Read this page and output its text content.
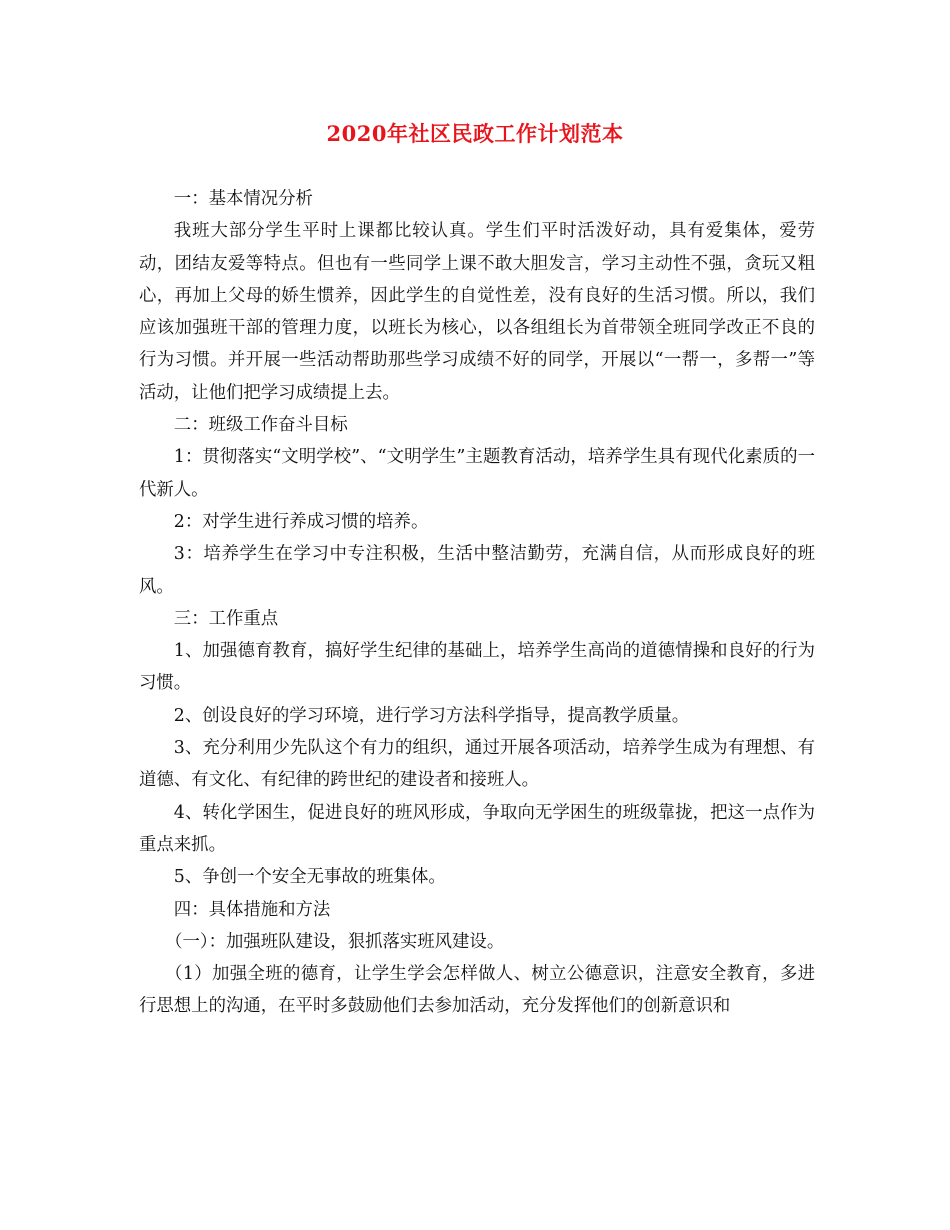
2020年社区民政工作计划范本

一：基本情况分析

我班大部分学生平时上课都比较认真。学生们平时活泼好动，具有爱集体，爱劳动，团结友爱等特点。但也有一些同学上课不敢大胆发言，学习主动性不强，贪玩又粗心，再加上父母的娇生惯养，因此学生的自觉性差，没有良好的生活习惯。所以，我们应该加强班干部的管理力度，以班长为核心，以各组组长为首带领全班同学改正不良的行为习惯。并开展一些活动帮助那些学习成绩不好的同学，开展以“一帮一，多帮一”等活动，让他们把学习成绩提上去。

二：班级工作奋斗目标

1：贯彻落实“文明学校”、“文明学生”主题教育活动，培养学生具有现代化素质的一代新人。

2：对学生进行养成习惯的培养。

3：培养学生在学习中专注积极，生活中整洁勤劳，充满自信，从而形成良好的班风。

三：工作重点

1、加强德育教育，搞好学生纪律的基础上，培养学生高尚的道德情操和良好的行为习惯。

2、创设良好的学习环境，进行学习方法科学指导，提高教学质量。

3、充分利用少先队这个有力的组织，通过开展各项活动，培养学生成为有理想、有道德、有文化、有纪律的跨世纪的建设者和接班人。

4、转化学困生，促进良好的班风形成，争取向无学困生的班级靠拢，把这一点作为重点来抓。

5、争创一个安全无事故的班集体。

四：具体措施和方法

（一）：加强班队建设，狠抓落实班风建设。

（1）加强全班的德育，让学生学会怎样做人、树立公德意识，注意安全教育，多进行思想上的沟通，在平时多鼓励他们去参加活动，充分发挥他们的创新意识和
